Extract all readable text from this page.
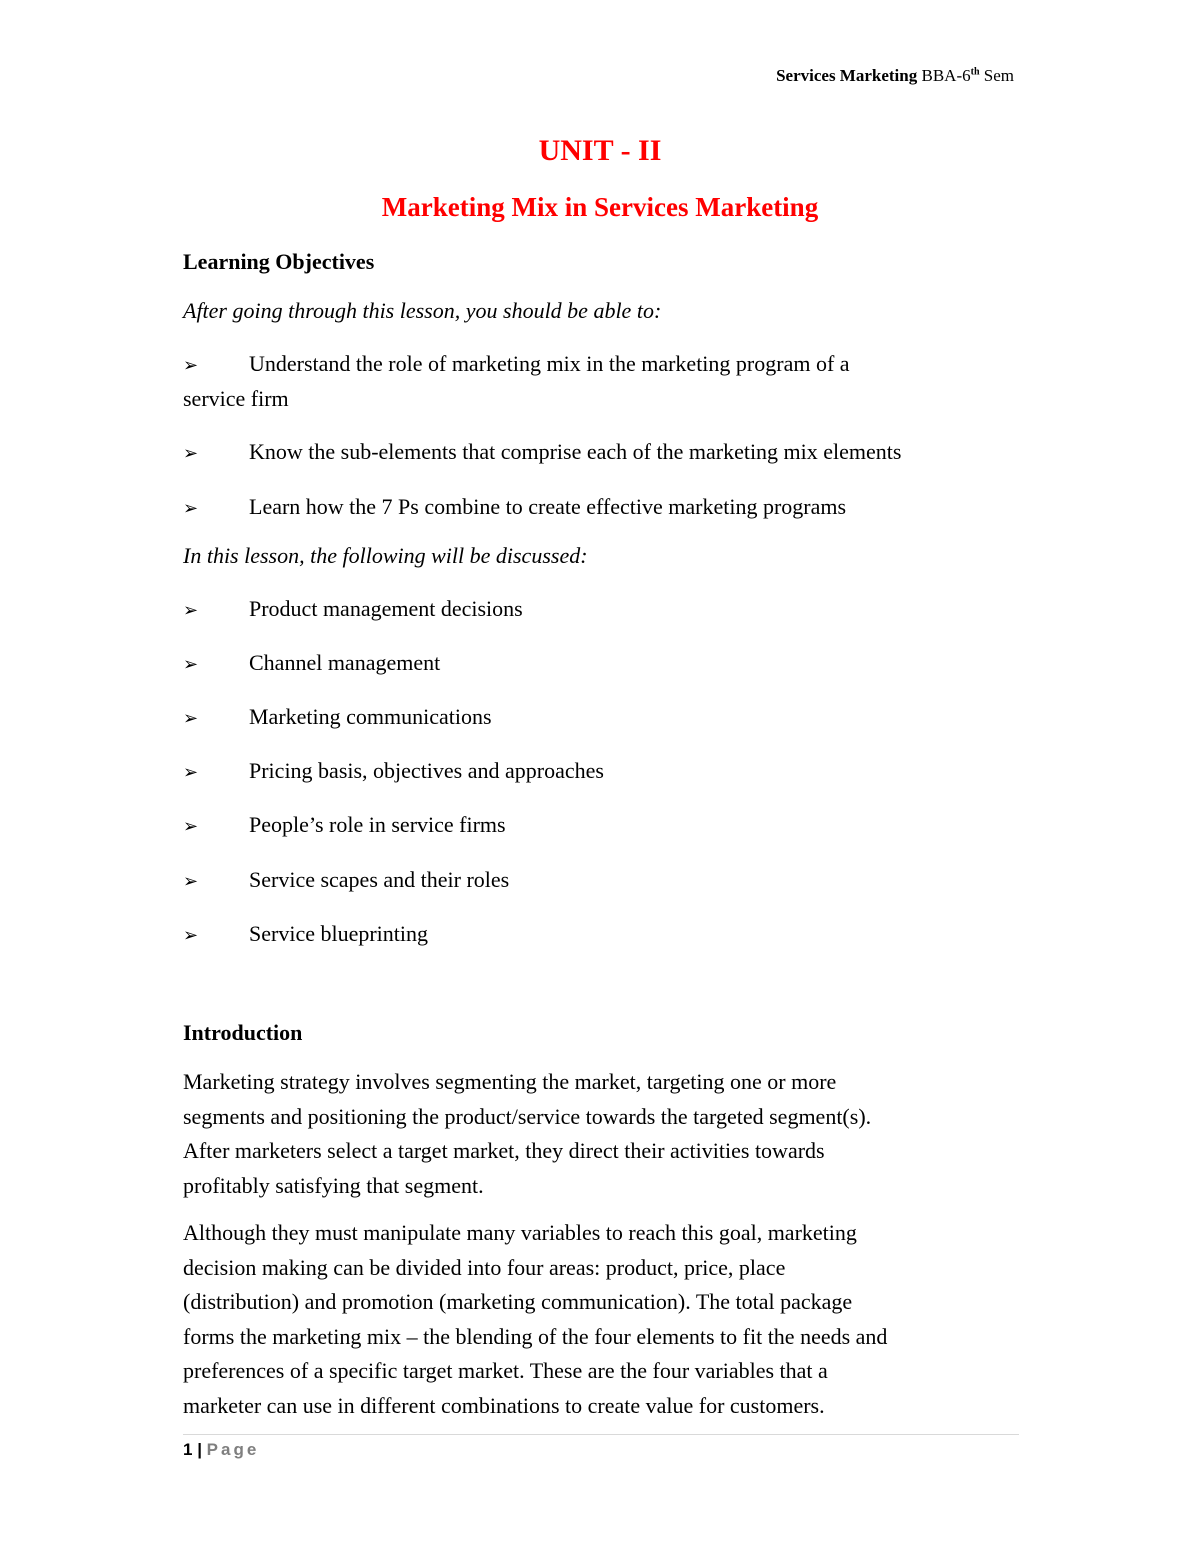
Services Marketing BBA-6th Sem
UNIT - II
Marketing Mix in Services Marketing
Learning Objectives
After going through this lesson, you should be able to:
➢ Understand the role of marketing mix in the marketing program of a
service firm
➢ Know the sub-elements that comprise each of the marketing mix elements
➢ Learn how the 7 Ps combine to create effective marketing programs
In this lesson, the following will be discussed:
➢ Product management decisions
➢ Channel management
➢ Marketing communications
➢ Pricing basis, objectives and approaches
➢ People’s role in service firms
➢ Service scapes and their roles
➢ Service blueprinting
Introduction
Marketing strategy involves segmenting the market, targeting one or more
segments and positioning the product/service towards the targeted segment(s).
After marketers select a target market, they direct their activities towards
profitably satisfying that segment.
Although they must manipulate many variables to reach this goal, marketing
decision making can be divided into four areas: product, price, place
(distribution) and promotion (marketing communication). The total package
forms the marketing mix – the blending of the four elements to fit the needs and
preferences of a specific target market. These are the four variables that a
marketer can use in different combinations to create value for customers.
1 | Page
